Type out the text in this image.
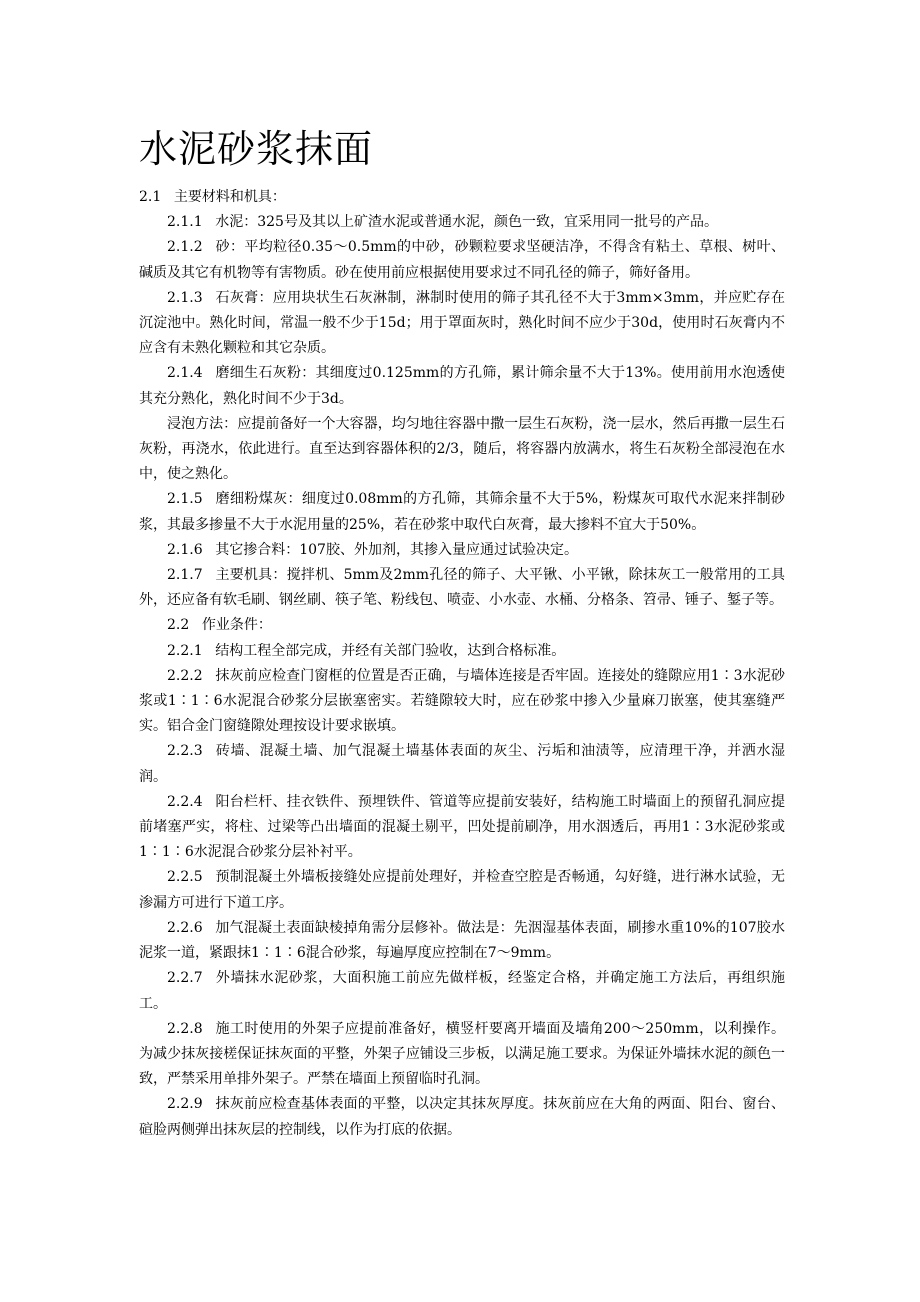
水泥砂浆抹面

2.1 主要材料和机具：

2.1.1 水泥：325号及其以上矿渣水泥或普通水泥，颜色一致，宜采用同一批号的产品。

2.1.2 砂：平均粒径0.35～0.5mm的中砂，砂颗粒要求坚硬洁净，不得含有粘土、草根、树叶、碱质及其它有机物等有害物质。砂在使用前应根据使用要求过不同孔径的筛子，筛好备用。

2.1.3 石灰膏：应用块状生石灰淋制，淋制时使用的筛子其孔径不大于3mm×3mm，并应贮存在沉淀池中。熟化时间，常温一般不少于15d；用于罩面灰时，熟化时间不应少于30d，使用时石灰膏内不应含有未熟化颗粒和其它杂质。

2.1.4 磨细生石灰粉：其细度过0.125mm的方孔筛，累计筛余量不大于13%。使用前用水泡透使其充分熟化，熟化时间不少于3d。

浸泡方法：应提前备好一个大容器，均匀地往容器中撒一层生石灰粉，浇一层水，然后再撒一层生石灰粉，再浇水，依此进行。直至达到容器体积的2/3，随后，将容器内放满水，将生石灰粉全部浸泡在水中，使之熟化。

2.1.5 磨细粉煤灰：细度过0.08mm的方孔筛，其筛余量不大于5%，粉煤灰可取代水泥来拌制砂浆，其最多掺量不大于水泥用量的25%，若在砂浆中取代白灰膏，最大掺料不宜大于50%。

2.1.6 其它掺合料：107胶、外加剂，其掺入量应通过试验决定。

2.1.7 主要机具：搅拌机、5mm及2mm孔径的筛子、大平锹、小平锹，除抹灰工一般常用的工具外，还应备有软毛刷、钢丝刷、筷子笔、粉线包、喷壶、小水壶、水桶、分格条、笤帚、锤子、錾子等。

2.2 作业条件：

2.2.1 结构工程全部完成，并经有关部门验收，达到合格标准。

2.2.2 抹灰前应检查门窗框的位置是否正确，与墙体连接是否牢固。连接处的缝隙应用1∶3水泥砂浆或1∶1∶6水泥混合砂浆分层嵌塞密实。若缝隙较大时，应在砂浆中掺入少量麻刀嵌塞，使其塞缝严实。铝合金门窗缝隙处理按设计要求嵌填。

2.2.3 砖墙、混凝土墙、加气混凝土墙基体表面的灰尘、污垢和油渍等，应清理干净，并洒水湿润。

2.2.4 阳台栏杆、挂衣铁件、预埋铁件、管道等应提前安装好，结构施工时墙面上的预留孔洞应提前堵塞严实，将柱、过梁等凸出墙面的混凝土剔平，凹处提前刷净，用水洇透后，再用1∶3水泥砂浆或1∶1∶6水泥混合砂浆分层补衬平。

2.2.5 预制混凝土外墙板接缝处应提前处理好，并检查空腔是否畅通，勾好缝，进行淋水试验，无渗漏方可进行下道工序。

2.2.6 加气混凝土表面缺棱掉角需分层修补。做法是：先洇湿基体表面，刷掺水重10%的107胶水泥浆一道，紧跟抹1∶1∶6混合砂浆，每遍厚度应控制在7～9mm。

2.2.7 外墙抹水泥砂浆，大面积施工前应先做样板，经鉴定合格，并确定施工方法后，再组织施工。

2.2.8 施工时使用的外架子应提前准备好，横竖杆要离开墙面及墙角200～250mm，以利操作。为减少抹灰接槎保证抹灰面的平整，外架子应铺设三步板，以满足施工要求。为保证外墙抹水泥的颜色一致，严禁采用单排外架子。严禁在墙面上预留临时孔洞。

2.2.9 抹灰前应检查基体表面的平整，以决定其抹灰厚度。抹灰前应在大角的两面、阳台、窗台、碹脸两侧弹出抹灰层的控制线，以作为打底的依据。
